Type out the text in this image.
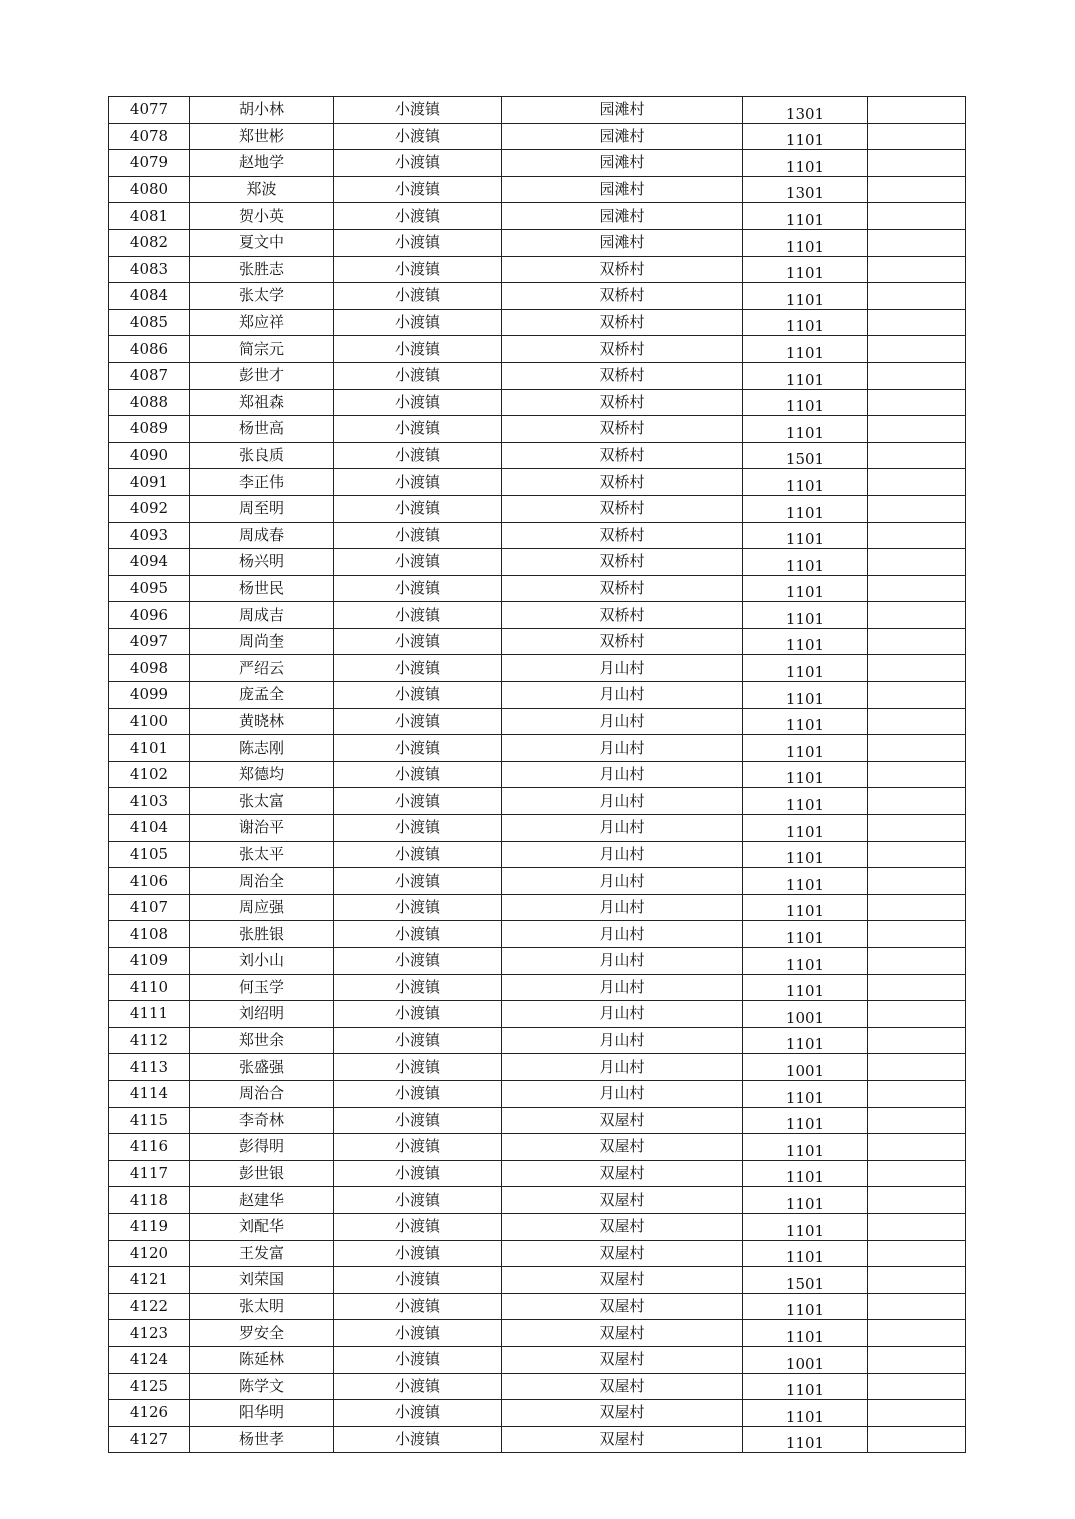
4077	胡小林	小渡镇	园滩村	1301	
4078	郑世彬	小渡镇	园滩村	1101	
4079	赵地学	小渡镇	园滩村	1101	
4080	郑波	小渡镇	园滩村	1301	
4081	贺小英	小渡镇	园滩村	1101	
4082	夏文中	小渡镇	园滩村	1101	
4083	张胜志	小渡镇	双桥村	1101	
4084	张太学	小渡镇	双桥村	1101	
4085	郑应祥	小渡镇	双桥村	1101	
4086	简宗元	小渡镇	双桥村	1101	
4087	彭世才	小渡镇	双桥村	1101	
4088	郑祖森	小渡镇	双桥村	1101	
4089	杨世高	小渡镇	双桥村	1101	
4090	张良质	小渡镇	双桥村	1501	
4091	李正伟	小渡镇	双桥村	1101	
4092	周至明	小渡镇	双桥村	1101	
4093	周成春	小渡镇	双桥村	1101	
4094	杨兴明	小渡镇	双桥村	1101	
4095	杨世民	小渡镇	双桥村	1101	
4096	周成吉	小渡镇	双桥村	1101	
4097	周尚奎	小渡镇	双桥村	1101	
4098	严绍云	小渡镇	月山村	1101	
4099	庞孟全	小渡镇	月山村	1101	
4100	黄晓林	小渡镇	月山村	1101	
4101	陈志刚	小渡镇	月山村	1101	
4102	郑德均	小渡镇	月山村	1101	
4103	张太富	小渡镇	月山村	1101	
4104	谢治平	小渡镇	月山村	1101	
4105	张太平	小渡镇	月山村	1101	
4106	周治全	小渡镇	月山村	1101	
4107	周应强	小渡镇	月山村	1101	
4108	张胜银	小渡镇	月山村	1101	
4109	刘小山	小渡镇	月山村	1101	
4110	何玉学	小渡镇	月山村	1101	
4111	刘绍明	小渡镇	月山村	1001	
4112	郑世余	小渡镇	月山村	1101	
4113	张盛强	小渡镇	月山村	1001	
4114	周治合	小渡镇	月山村	1101	
4115	李奇林	小渡镇	双屋村	1101	
4116	彭得明	小渡镇	双屋村	1101	
4117	彭世银	小渡镇	双屋村	1101	
4118	赵建华	小渡镇	双屋村	1101	
4119	刘配华	小渡镇	双屋村	1101	
4120	王发富	小渡镇	双屋村	1101	
4121	刘荣国	小渡镇	双屋村	1501	
4122	张太明	小渡镇	双屋村	1101	
4123	罗安全	小渡镇	双屋村	1101	
4124	陈延林	小渡镇	双屋村	1001	
4125	陈学文	小渡镇	双屋村	1101	
4126	阳华明	小渡镇	双屋村	1101	
4127	杨世孝	小渡镇	双屋村	1101	
